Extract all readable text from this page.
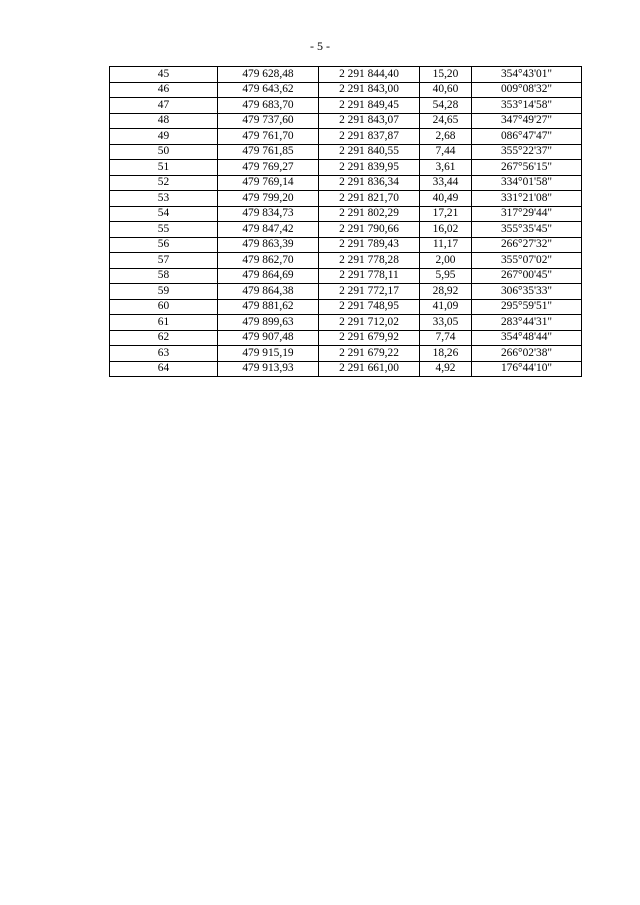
- 5 -
45	479 628,48	2 291 844,40	15,20	354°43'01"
46	479 643,62	2 291 843,00	40,60	009°08'32"
47	479 683,70	2 291 849,45	54,28	353°14'58"
48	479 737,60	2 291 843,07	24,65	347°49'27"
49	479 761,70	2 291 837,87	2,68	086°47'47"
50	479 761,85	2 291 840,55	7,44	355°22'37"
51	479 769,27	2 291 839,95	3,61	267°56'15"
52	479 769,14	2 291 836,34	33,44	334°01'58"
53	479 799,20	2 291 821,70	40,49	331°21'08"
54	479 834,73	2 291 802,29	17,21	317°29'44"
55	479 847,42	2 291 790,66	16,02	355°35'45"
56	479 863,39	2 291 789,43	11,17	266°27'32"
57	479 862,70	2 291 778,28	2,00	355°07'02"
58	479 864,69	2 291 778,11	5,95	267°00'45"
59	479 864,38	2 291 772,17	28,92	306°35'33"
60	479 881,62	2 291 748,95	41,09	295°59'51"
61	479 899,63	2 291 712,02	33,05	283°44'31"
62	479 907,48	2 291 679,92	7,74	354°48'44"
63	479 915,19	2 291 679,22	18,26	266°02'38"
64	479 913,93	2 291 661,00	4,92	176°44'10"
